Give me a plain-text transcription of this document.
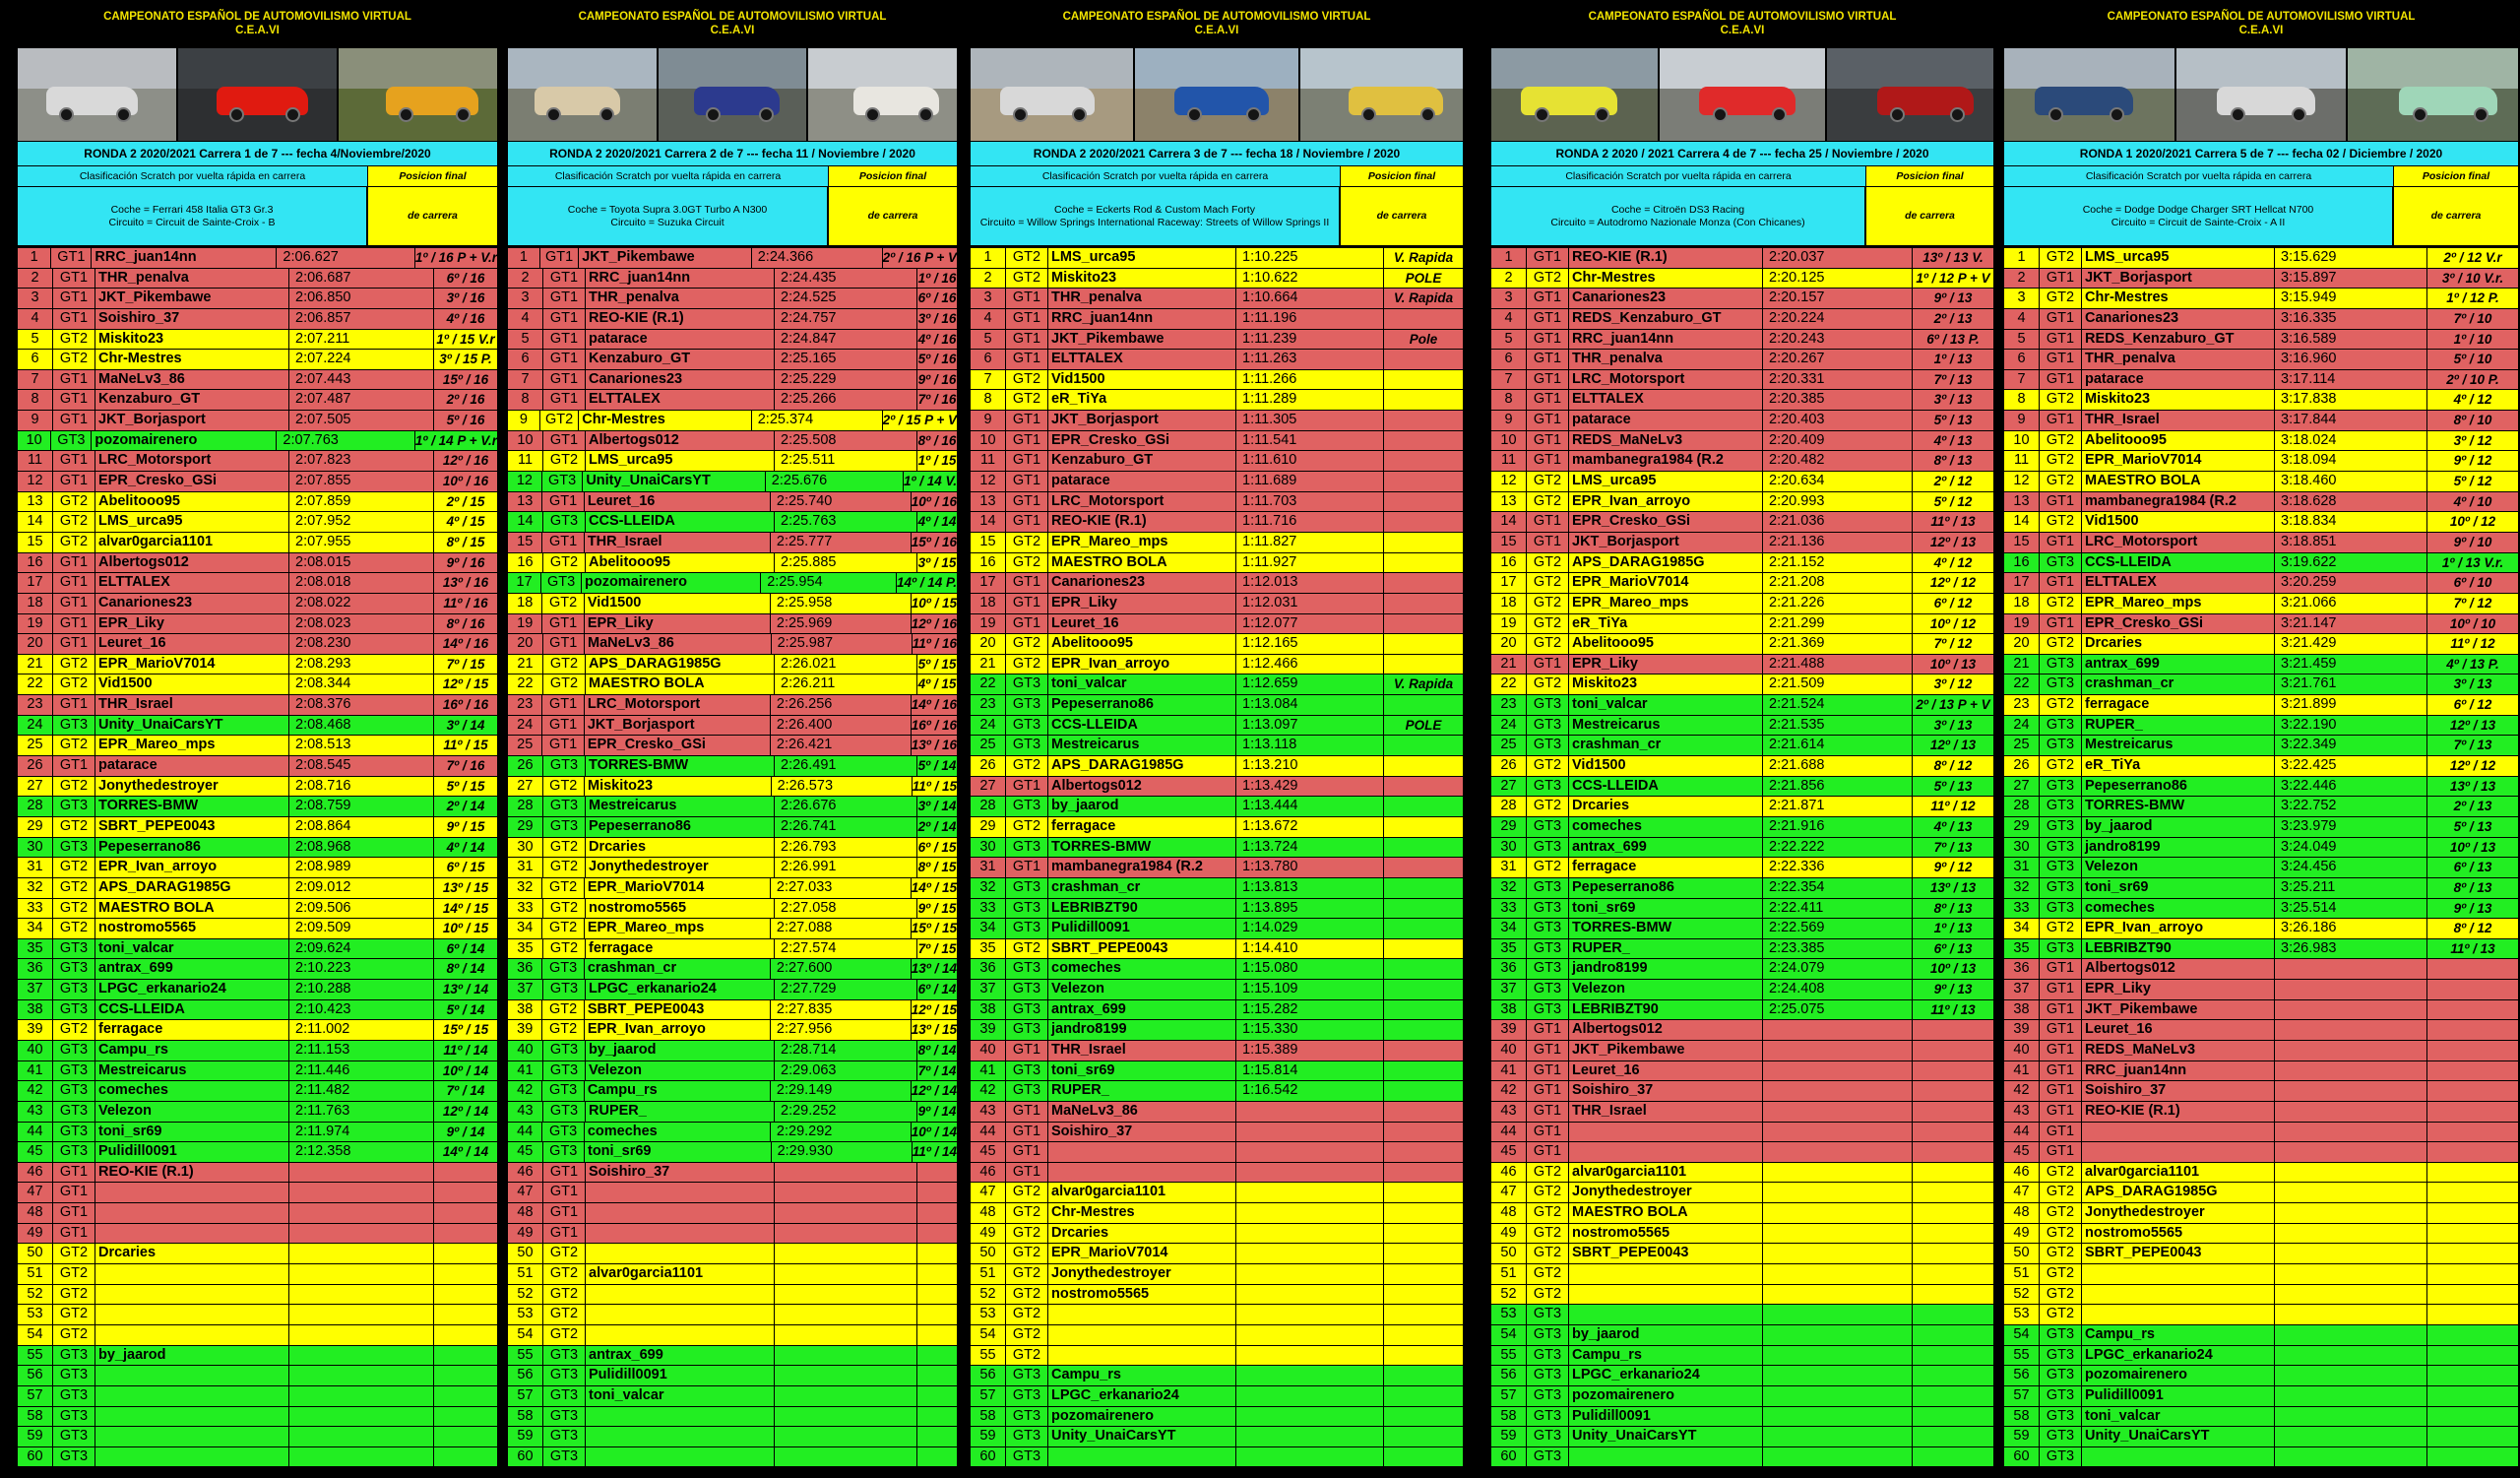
CAMPEONATO ESPAÑOL DE AUTOMOVILISMO VIRTUAL
C.E.A.VI
RONDA 2 2020/2021 Carrera 1 de 7 --- fecha 4/Noviembre/2020
Clasificación Scratch por vuelta rápida en carrera	Posicion final
Coche = Ferrari 458 Italia GT3 Gr.3
Circuito = Circuit de Sainte-Croix - B
de carrera
1	GT1 RRC_juan14nn	2:06.627	1º / 16 P + V.r
2	GT1 THR_penalva	2:06.687	6º / 16
3	GT1 JKT_Pikembawe	2:06.850	3º / 16
4	GT1 Soishiro_37	2:06.857	4º / 16
5	GT2 Miskito23	2:07.211	1º / 15 V.r
6	GT2 Chr-Mestres	2:07.224	3º / 15 P.
7	GT1 MaNeLv3_86	2:07.443	15º / 16
8	GT1 Kenzaburo_GT	2:07.487	2º / 16
9	GT1 JKT_Borjasport	2:07.505	5º / 16
10	GT3 pozomairenero	2:07.763	1º / 14 P + V.r
11	GT1 LRC_Motorsport	2:07.823	12º / 16
12	GT1 EPR_Cresko_GSi	2:07.855	10º / 16
13	GT2 Abelitooo95	2:07.859	2º / 15
14	GT2 LMS_urca95	2:07.952	4º / 15
15	GT2 alvar0garcia1101	2:07.955	8º / 15
16	GT1 Albertogs012	2:08.015	9º / 16
17	GT1 ELTTALEX	2:08.018	13º / 16
18	GT1 Canariones23	2:08.022	11º / 16
19	GT1 EPR_Liky	2:08.023	8º / 16
20	GT1 Leuret_16	2:08.230	14º / 16
21	GT2 EPR_MarioV7014	2:08.293	7º / 15
22	GT2 Vid1500	2:08.344	12º / 15
23	GT1 THR_Israel	2:08.376	16º / 16
24	GT3 Unity_UnaiCarsYT	2:08.468	3º / 14
25	GT2 EPR_Mareo_mps	2:08.513	11º / 15
26	GT1 patarace	2:08.545	7º / 16
27	GT2 Jonythedestroyer	2:08.716	5º / 15
28	GT3 TORRES-BMW	2:08.759	2º / 14
29	GT2 SBRT_PEPE0043	2:08.864	9º / 15
30	GT3 Pepeserrano86	2:08.968	4º / 14
31	GT2 EPR_Ivan_arroyo	2:08.989	6º / 15
32	GT2 APS_DARAG1985G	2:09.012	13º / 15
33	GT2 MAESTRO BOLA	2:09.506	14º / 15
34	GT2 nostromo5565	2:09.509	10º / 15
35	GT3 toni_valcar	2:09.624	6º / 14
36	GT3 antrax_699	2:10.223	8º / 14
37	GT3 LPGC_erkanario24	2:10.288	13º / 14
38	GT3 CCS-LLEIDA	2:10.423	5º / 14
39	GT2 ferragace	2:11.002	15º / 15
40	GT3 Campu_rs	2:11.153	11º / 14
41	GT3 Mestreicarus	2:11.446	10º / 14
42	GT3 comeches	2:11.482	7º / 14
43	GT3 Velezon	2:11.763	12º / 14
44	GT3 toni_sr69	2:11.974	9º / 14
45	GT3 Pulidill0091	2:12.358	14º / 14
46	GT1 REO-KIE (R.1)
47	GT1
48	GT1
49	GT1
50	GT2 Drcaries
51	GT2
52	GT2
53	GT2
54	GT2
55	GT3 by_jaarod
56	GT3
57	GT3
58	GT3
59	GT3
60	GT3
CAMPEONATO ESPAÑOL DE AUTOMOVILISMO VIRTUAL
C.E.A.VI
RONDA 2 2020/2021 Carrera 2 de 7 --- fecha 11 / Noviembre / 2020
Clasificación Scratch por vuelta rápida en carrera	Posicion final
Coche = Toyota Supra 3.0GT Turbo A N300
Circuito = Suzuka Circuit
de carrera
1	GT1 JKT_Pikembawe	2:24.366	2º / 16 P + V
2	GT1 RRC_juan14nn	2:24.435	1º / 16
3	GT1 THR_penalva	2:24.525	6º / 16
4	GT1 REO-KIE (R.1)	2:24.757	3º / 16
5	GT1 patarace	2:24.847	4º / 16
6	GT1 Kenzaburo_GT	2:25.165	5º / 16
7	GT1 Canariones23	2:25.229	9º / 16
8	GT1 ELTTALEX	2:25.266	7º / 16
9	GT2 Chr-Mestres	2:25.374	2º / 15 P + V
10	GT1 Albertogs012	2:25.508	8º / 16
11	GT2 LMS_urca95	2:25.511	1º / 15
12	GT3 Unity_UnaiCarsYT	2:25.676	1º / 14 V.
13	GT1 Leuret_16	2:25.740	10º / 16
14	GT3 CCS-LLEIDA	2:25.763	4º / 14
15	GT1 THR_Israel	2:25.777	15º / 16
16	GT2 Abelitooo95	2:25.885	3º / 15
17	GT3 pozomairenero	2:25.954	14º / 14 P.
18	GT2 Vid1500	2:25.958	10º / 15
19	GT1 EPR_Liky	2:25.969	12º / 16
20	GT1 MaNeLv3_86	2:25.987	11º / 16
21	GT2 APS_DARAG1985G	2:26.021	5º / 15
22	GT2 MAESTRO BOLA	2:26.211	4º / 15
23	GT1 LRC_Motorsport	2:26.256	14º / 16
24	GT1 JKT_Borjasport	2:26.400	16º / 16
25	GT1 EPR_Cresko_GSi	2:26.421	13º / 16
26	GT3 TORRES-BMW	2:26.491	5º / 14
27	GT2 Miskito23	2:26.573	11º / 15
28	GT3 Mestreicarus	2:26.676	3º / 14
29	GT3 Pepeserrano86	2:26.741	2º / 14
30	GT2 Drcaries	2:26.793	6º / 15
31	GT2 Jonythedestroyer	2:26.991	8º / 15
32	GT2 EPR_MarioV7014	2:27.033	14º / 15
33	GT2 nostromo5565	2:27.058	9º / 15
34	GT2 EPR_Mareo_mps	2:27.088	15º / 15
35	GT2 ferragace	2:27.574	7º / 15
36	GT3 crashman_cr	2:27.600	13º / 14
37	GT3 LPGC_erkanario24	2:27.729	6º / 14
38	GT2 SBRT_PEPE0043	2:27.835	12º / 15
39	GT2 EPR_Ivan_arroyo	2:27.956	13º / 15
40	GT3 by_jaarod	2:28.714	8º / 14
41	GT3 Velezon	2:29.063	7º / 14
42	GT3 Campu_rs	2:29.149	12º / 14
43	GT3 RUPER_	2:29.252	9º / 14
44	GT3 comeches	2:29.292	10º / 14
45	GT3 toni_sr69	2:29.930	11º / 14
46	GT1 Soishiro_37
47	GT1
48	GT1
49	GT1
50	GT2
51	GT2 alvar0garcia1101
52	GT2
53	GT2
54	GT2
55	GT3 antrax_699
56	GT3 Pulidill0091
57	GT3 toni_valcar
58	GT3
59	GT3
60	GT3
CAMPEONATO ESPAÑOL DE AUTOMOVILISMO VIRTUAL
C.E.A.VI
RONDA 2 2020/2021 Carrera 3 de 7 --- fecha 18 / Noviembre / 2020
Clasificación Scratch por vuelta rápida en carrera	Posicion final
Coche = Eckerts Rod & Custom Mach Forty
Circuito = Willow Springs International Raceway: Streets of Willow Springs II
de carrera
1	GT2 LMS_urca95	1:10.225	V. Rapida
2	GT2 Miskito23	1:10.622	POLE
3	GT1 THR_penalva	1:10.664	V. Rapida
4	GT1 RRC_juan14nn	1:11.196
5	GT1 JKT_Pikembawe	1:11.239	Pole
6	GT1 ELTTALEX	1:11.263
7	GT2 Vid1500	1:11.266
8	GT2 eR_TiYa	1:11.289
9	GT1 JKT_Borjasport	1:11.305
10	GT1 EPR_Cresko_GSi	1:11.541
11	GT1 Kenzaburo_GT	1:11.610
12	GT1 patarace	1:11.689
13	GT1 LRC_Motorsport	1:11.703
14	GT1 REO-KIE (R.1)	1:11.716
15	GT2 EPR_Mareo_mps	1:11.827
16	GT2 MAESTRO BOLA	1:11.927
17	GT1 Canariones23	1:12.013
18	GT1 EPR_Liky	1:12.031
19	GT1 Leuret_16	1:12.077
20	GT2 Abelitooo95	1:12.165
21	GT2 EPR_Ivan_arroyo	1:12.466
22	GT3 toni_valcar	1:12.659	V. Rapida
23	GT3 Pepeserrano86	1:13.084
24	GT3 CCS-LLEIDA	1:13.097	POLE
25	GT3 Mestreicarus	1:13.118
26	GT2 APS_DARAG1985G	1:13.210
27	GT1 Albertogs012	1:13.429
28	GT3 by_jaarod	1:13.444
29	GT2 ferragace	1:13.672
30	GT3 TORRES-BMW	1:13.724
31	GT1 mambanegra1984 (R.2	1:13.780
32	GT3 crashman_cr	1:13.813
33	GT3 LEBRIBZT90	1:13.895
34	GT3 Pulidill0091	1:14.029
35	GT2 SBRT_PEPE0043	1:14.410
36	GT3 comeches	1:15.080
37	GT3 Velezon	1:15.109
38	GT3 antrax_699	1:15.282
39	GT3 jandro8199	1:15.330
40	GT1 THR_Israel	1:15.389
41	GT3 toni_sr69	1:15.814
42	GT3 RUPER_	1:16.542
43	GT1 MaNeLv3_86
44	GT1 Soishiro_37
45	GT1
46	GT1
47	GT2 alvar0garcia1101
48	GT2 Chr-Mestres
49	GT2 Drcaries
50	GT2 EPR_MarioV7014
51	GT2 Jonythedestroyer
52	GT2 nostromo5565
53	GT2
54	GT2
55	GT2
56	GT3 Campu_rs
57	GT3 LPGC_erkanario24
58	GT3 pozomairenero
59	GT3 Unity_UnaiCarsYT
60	GT3
CAMPEONATO ESPAÑOL DE AUTOMOVILISMO VIRTUAL
C.E.A.VI
RONDA 2 2020 / 2021 Carrera 4 de 7 --- fecha 25 / Noviembre / 2020
Clasificación Scratch por vuelta rápida en carrera	Posicion final
Coche = Citroën DS3 Racing
Circuito = Autodromo Nazionale Monza (Con Chicanes)
de carrera
1	GT1 REO-KIE (R.1)	2:20.037	13º / 13 V.
2	GT2 Chr-Mestres	2:20.125	1º / 12 P + V
3	GT1 Canariones23	2:20.157	9º / 13
4	GT1 REDS_Kenzaburo_GT	2:20.224	2º / 13
5	GT1 RRC_juan14nn	2:20.243	6º / 13 P.
6	GT1 THR_penalva	2:20.267	1º / 13
7	GT1 LRC_Motorsport	2:20.331	7º / 13
8	GT1 ELTTALEX	2:20.385	3º / 13
9	GT1 patarace	2:20.403	5º / 13
10	GT1 REDS_MaNeLv3	2:20.409	4º / 13
11	GT1 mambanegra1984 (R.2	2:20.482	8º / 13
12	GT2 LMS_urca95	2:20.634	2º / 12
13	GT2 EPR_Ivan_arroyo	2:20.993	5º / 12
14	GT1 EPR_Cresko_GSi	2:21.036	11º / 13
15	GT1 JKT_Borjasport	2:21.136	12º / 13
16	GT2 APS_DARAG1985G	2:21.152	4º / 12
17	GT2 EPR_MarioV7014	2:21.208	12º / 12
18	GT2 EPR_Mareo_mps	2:21.226	6º / 12
19	GT2 eR_TiYa	2:21.299	10º / 12
20	GT2 Abelitooo95	2:21.369	7º / 12
21	GT1 EPR_Liky	2:21.488	10º / 13
22	GT2 Miskito23	2:21.509	3º / 12
23	GT3 toni_valcar	2:21.524	2º / 13 P + V
24	GT3 Mestreicarus	2:21.535	3º / 13
25	GT3 crashman_cr	2:21.614	12º / 13
26	GT2 Vid1500	2:21.688	8º / 12
27	GT3 CCS-LLEIDA	2:21.856	5º / 13
28	GT2 Drcaries	2:21.871	11º / 12
29	GT3 comeches	2:21.916	4º / 13
30	GT3 antrax_699	2:22.222	7º / 13
31	GT2 ferragace	2:22.336	9º / 12
32	GT3 Pepeserrano86	2:22.354	13º / 13
33	GT3 toni_sr69	2:22.411	8º / 13
34	GT3 TORRES-BMW	2:22.569	1º / 13
35	GT3 RUPER_	2:23.385	6º / 13
36	GT3 jandro8199	2:24.079	10º / 13
37	GT3 Velezon	2:24.408	9º / 13
38	GT3 LEBRIBZT90	2:25.075	11º / 13
39	GT1 Albertogs012
40	GT1 JKT_Pikembawe
41	GT1 Leuret_16
42	GT1 Soishiro_37
43	GT1 THR_Israel
44	GT1
45	GT1
46	GT2 alvar0garcia1101
47	GT2 Jonythedestroyer
48	GT2 MAESTRO BOLA
49	GT2 nostromo5565
50	GT2 SBRT_PEPE0043
51	GT2
52	GT2
53	GT3
54	GT3 by_jaarod
55	GT3 Campu_rs
56	GT3 LPGC_erkanario24
57	GT3 pozomairenero
58	GT3 Pulidill0091
59	GT3 Unity_UnaiCarsYT
60	GT3
CAMPEONATO ESPAÑOL DE AUTOMOVILISMO VIRTUAL
C.E.A.VI
RONDA 1 2020/2021 Carrera 5 de 7 --- fecha 02 / Diciembre / 2020
Clasificación Scratch por vuelta rápida en carrera	Posicion final
Coche = Dodge Dodge Charger SRT Hellcat N700
Circuito = Circuit de Sainte-Croix - A II
de carrera
1	GT2 LMS_urca95	3:15.629	2º / 12 V.r
2	GT1 JKT_Borjasport	3:15.897	3º / 10 V.r.
3	GT2 Chr-Mestres	3:15.949	1º / 12 P.
4	GT1 Canariones23	3:16.335	7º / 10
5	GT1 REDS_Kenzaburo_GT	3:16.589	1º / 10
6	GT1 THR_penalva	3:16.960	5º / 10
7	GT1 patarace	3:17.114	2º / 10 P.
8	GT2 Miskito23	3:17.838	4º / 12
9	GT1 THR_Israel	3:17.844	8º / 10
10	GT2 Abelitooo95	3:18.024	3º / 12
11	GT2 EPR_MarioV7014	3:18.094	9º / 12
12	GT2 MAESTRO BOLA	3:18.460	5º / 12
13	GT1 mambanegra1984 (R.2	3:18.628	4º / 10
14	GT2 Vid1500	3:18.834	10º / 12
15	GT1 LRC_Motorsport	3:18.851	9º / 10
16	GT3 CCS-LLEIDA	3:19.622	1º / 13 V.r.
17	GT1 ELTTALEX	3:20.259	6º / 10
18	GT2 EPR_Mareo_mps	3:21.066	7º / 12
19	GT1 EPR_Cresko_GSi	3:21.147	10º / 10
20	GT2 Drcaries	3:21.429	11º / 12
21	GT3 antrax_699	3:21.459	4º / 13 P.
22	GT3 crashman_cr	3:21.761	3º / 13
23	GT2 ferragace	3:21.899	6º / 12
24	GT3 RUPER_	3:22.190	12º / 13
25	GT3 Mestreicarus	3:22.349	7º / 13
26	GT2 eR_TiYa	3:22.425	12º / 12
27	GT3 Pepeserrano86	3:22.446	13º / 13
28	GT3 TORRES-BMW	3:22.752	2º / 13
29	GT3 by_jaarod	3:23.979	5º / 13
30	GT3 jandro8199	3:24.049	10º / 13
31	GT3 Velezon	3:24.456	6º / 13
32	GT3 toni_sr69	3:25.211	8º / 13
33	GT3 comeches	3:25.514	9º / 13
34	GT2 EPR_Ivan_arroyo	3:26.186	8º / 12
35	GT3 LEBRIBZT90	3:26.983	11º / 13
36	GT1 Albertogs012
37	GT1 EPR_Liky
38	GT1 JKT_Pikembawe
39	GT1 Leuret_16
40	GT1 REDS_MaNeLv3
41	GT1 RRC_juan14nn
42	GT1 Soishiro_37
43	GT1 REO-KIE (R.1)
44	GT1
45	GT1
46	GT2 alvar0garcia1101
47	GT2 APS_DARAG1985G
48	GT2 Jonythedestroyer
49	GT2 nostromo5565
50	GT2 SBRT_PEPE0043
51	GT2
52	GT2
53	GT2
54	GT3 Campu_rs
55	GT3 LPGC_erkanario24
56	GT3 pozomairenero
57	GT3 Pulidill0091
58	GT3 toni_valcar
59	GT3 Unity_UnaiCarsYT
60	GT3
